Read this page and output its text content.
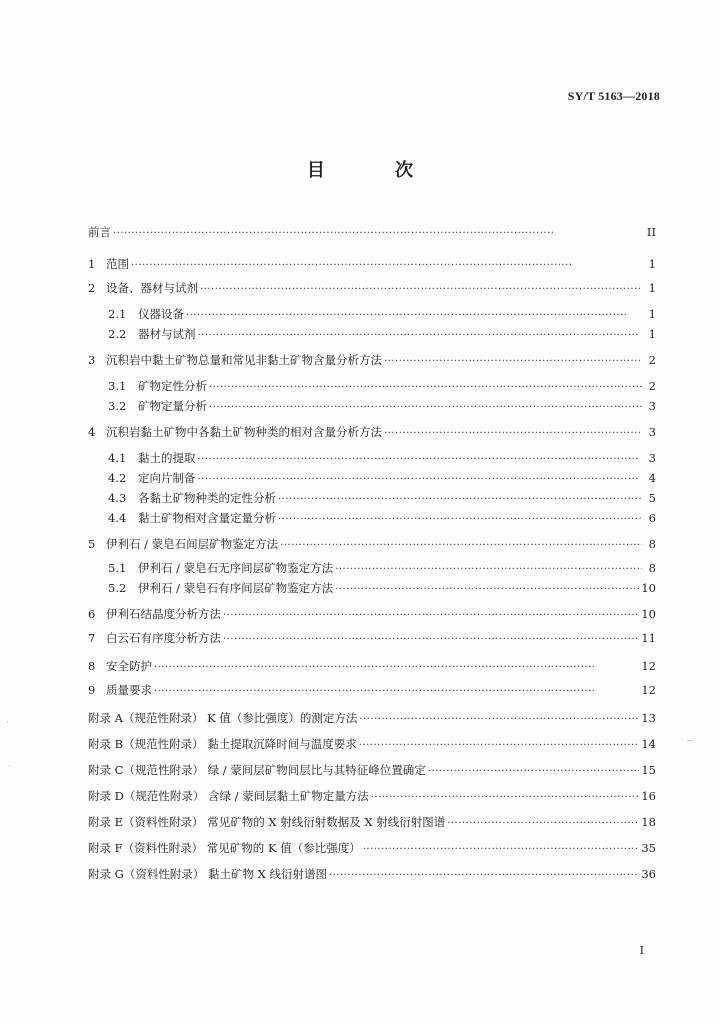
SY/T 5163—2018
目 次
前言 ·····	II
1 范围 ·····	1
2 设备、器材与试剂 ·····	1
2.1	仪器设备 ·····	1
2.2	器材与试剂 ·····	1
3 沉积岩中黏土矿物总量和常见非黏土矿物含量分析方法 ·····	2
3.1	矿物定性分析 ·····	2
3.2	矿物定量分析 ·····	3
4 沉积岩黏土矿物中各黏土矿物种类的相对含量分析方法 ·····	3
4.1	黏土的提取 ·····	3
4.2	定向片制备 ·····	4
4.3	各黏土矿物种类的定性分析 ·····	5
4.4	黏土矿物相对含量定量分析 ·····	6
5 伊利石 / 蒙皂石间层矿物鉴定方法 ·····	8
5.1	伊利石 / 蒙皂石无序间层矿物鉴定方法 ·····	8
5.2	伊利石 / 蒙皂石有序间层矿物鉴定方法 ·····	10
6 伊利石结晶度分析方法 ·····	10
7 白云石有序度分析方法 ·····	11
8 安全防护 ·····	12
9 质量要求 ·····	12
附录 A（规范性附录） K 值（参比强度）的测定方法 ·····	13
附录 B（规范性附录） 黏土提取沉降时间与温度要求 ·····	14
附录 C（规范性附录） 绿 / 蒙间层矿物间层比与其特征峰位置确定 ·····	15
附录 D（规范性附录） 含绿 / 蒙间层黏土矿物定量方法 ·····	16
附录 E（资料性附录） 常见矿物的 X 射线衍射数据及 X 射线衍射图谱 ·····	18
附录 F（资料性附录） 常见矿物的 K 值（参比强度） ·····	35
附录 G（资料性附录） 黏土矿物 X 线衍射谱图 ·····	36
I
·
·
~
